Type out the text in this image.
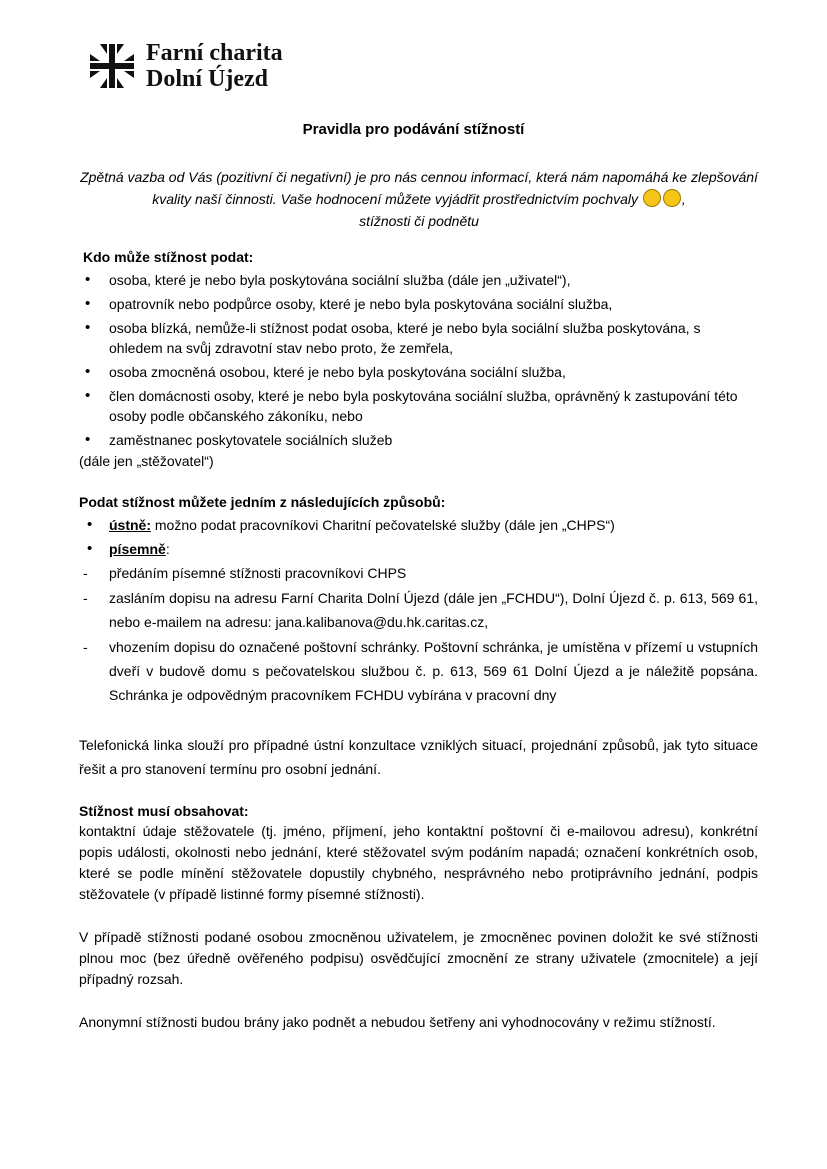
Farní charita
Dolní Újezd
Pravidla pro podávání stížností
Zpětná vazba od Vás (pozitivní či negativní) je pro nás cennou informací, která nám napomáhá ke zlepšování kvality naší činnosti. Vaše hodnocení můžete vyjádřit prostřednictvím pochvaly	,
stížnosti či podnětu

Kdo může stížnost podat:

• osoba, které je nebo byla poskytována sociální služba (dále jen „uživatel“),
• opatrovník nebo podpůrce osoby, které je nebo byla poskytována sociální služba,
• osoba blízká, nemůže-li stížnost podat osoba, které je nebo byla sociální služba poskytována, s ohledem na svůj zdravotní stav nebo proto, že zemřela,
• osoba zmocněná osobou, které je nebo byla poskytována sociální služba,
• člen domácnosti osoby, které je nebo byla poskytována sociální služba, oprávněný k zastupování této osoby podle občanského zákoníku, nebo
• zaměstnanec poskytovatele sociálních služeb

(dále jen „stěžovatel“)

Podat stížnost můžete jedním z následujících způsobů:

• ústně: možno podat pracovníkovi Charitní pečovatelské služby (dále jen „CHPS“)
• písemně:
- předáním písemné stížnosti pracovníkovi CHPS
- zasláním dopisu na adresu Farní Charita Dolní Újezd (dále jen „FCHDU“), Dolní Újezd č. p. 613, 569 61, nebo e-mailem na adresu: jana.kalibanova@du.hk.caritas.cz,
- vhozením dopisu do označené poštovní schránky. Poštovní schránka, je umístěna v přízemí u vstupních dveří v budově domu s pečovatelskou službou č. p. 613, 569 61 Dolní Újezd a je náležitě popsána. Schránka je odpovědným pracovníkem FCHDU vybírána v pracovní dny

Telefonická linka slouží pro případné ústní konzultace vzniklých situací, projednání způsobů, jak tyto situace řešit a pro stanovení termínu pro osobní jednání.

Stížnost musí obsahovat:

kontaktní údaje stěžovatele (tj. jméno, příjmení, jeho kontaktní poštovní či e-mailovou adresu), konkrétní popis události, okolnosti nebo jednání, které stěžovatel svým podáním napadá; označení konkrétních osob, které se podle mínění stěžovatele dopustily chybného, nesprávného nebo protiprávního jednání, podpis stěžovatele (v případě listinné formy písemné stížnosti).

V případě stížnosti podané osobou zmocněnou uživatelem, je zmocněnec povinen doložit ke své stížnosti plnou moc (bez úředně ověřeného podpisu) osvědčující zmocnění ze strany uživatele (zmocnitele) a její případný rozsah.

Anonymní stížnosti budou brány jako podnět a nebudou šetřeny ani vyhodnocovány v režimu stížností.
